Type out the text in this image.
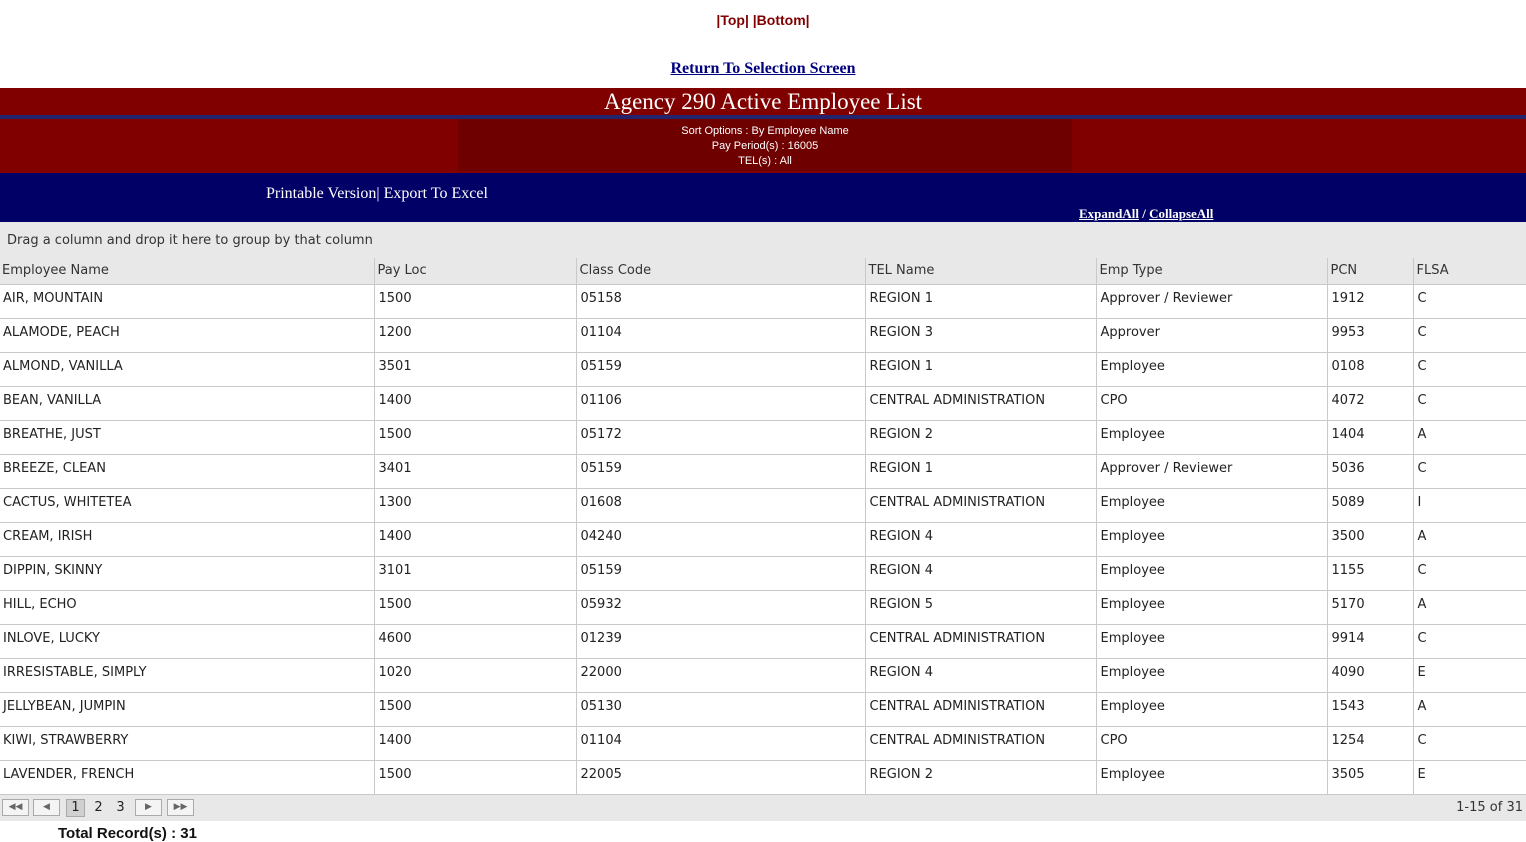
|Top| |Bottom|
Return To Selection Screen
Agency 290 Active Employee List
Sort Options : By Employee Name
Pay Period(s) : 16005
TEL(s) : All
Printable Version| Export To Excel
ExpandAll / CollapseAll
Drag a column and drop it here to group by that column
Employee Name	Pay Loc	Class Code	TEL Name	Emp Type	PCN	FLSA
AIR, MOUNTAIN	1500	05158	REGION 1	Approver / Reviewer	1912	C
ALAMODE, PEACH	1200	01104	REGION 3	Approver	9953	C
ALMOND, VANILLA	3501	05159	REGION 1	Employee	0108	C
BEAN, VANILLA	1400	01106	CENTRAL ADMINISTRATION	CPO	4072	C
BREATHE, JUST	1500	05172	REGION 2	Employee	1404	A
BREEZE, CLEAN	3401	05159	REGION 1	Approver / Reviewer	5036	C
CACTUS, WHITETEA	1300	01608	CENTRAL ADMINISTRATION	Employee	5089	I
CREAM, IRISH	1400	04240	REGION 4	Employee	3500	A
DIPPIN, SKINNY	3101	05159	REGION 4	Employee	1155	C
HILL, ECHO	1500	05932	REGION 5	Employee	5170	A
INLOVE, LUCKY	4600	01239	CENTRAL ADMINISTRATION	Employee	9914	C
IRRESISTABLE, SIMPLY	1020	22000	REGION 4	Employee	4090	E
JELLYBEAN, JUMPIN	1500	05130	CENTRAL ADMINISTRATION	Employee	1543	A
KIWI, STRAWBERRY	1400	01104	CENTRAL ADMINISTRATION	CPO	1254	C
LAVENDER, FRENCH	1500	22005	REGION 2	Employee	3505	E
◀◀	◀	1	2	3	▶	▶▶	1-15 of 31
Total Record(s) : 31
